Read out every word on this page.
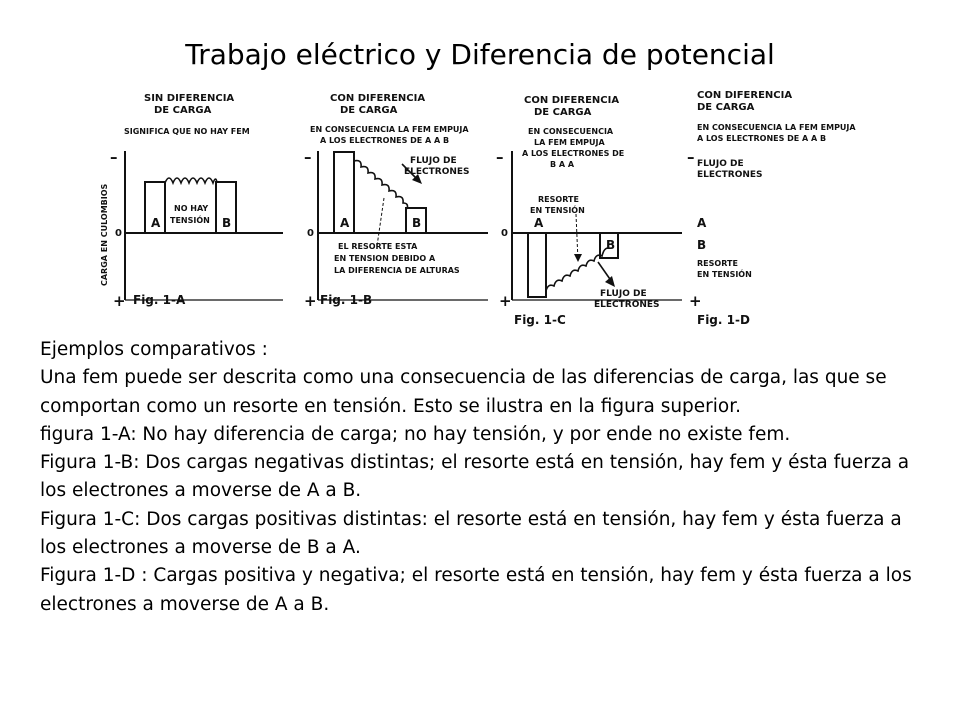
Trabajo eléctrico y Diferencia de potencial
SIN DIFERENCIA
DE CARGA
SIGNIFICA QUE NO HAY FEM
CARGA EN CULOMBIOS
–
0
+
A	B
NO HAY
TENSIÓN
Fig. 1-A
CON DIFERENCIA
DE CARGA
EN CONSECUENCIA LA FEM EMPUJA
A LOS ELECTRONES DE A A B
–
0
+
A	B
FLUJO DE
ELECTRONES
EL RESORTE ESTA
EN TENSION DEBIDO A
LA DIFERENCIA DE ALTURAS
Fig. 1-B
CON DIFERENCIA
DE CARGA
EN CONSECUENCIA
LA FEM EMPUJA
A LOS ELECTRONES DE
B A A
–
0
+
A
B
RESORTE
EN TENSIÓN
FLUJO DE
ELECTRONES
Fig. 1-C
CON DIFERENCIA
DE CARGA
EN CONSECUENCIA LA FEM EMPUJA
A LOS ELECTRONES DE A A B
–
+
A
B
FLUJO DE
ELECTRONES
RESORTE
EN TENSIÓN
Fig. 1-D

Ejemplos comparativos :

Una fem puede ser descrita como una consecuencia de las diferencias de carga, las que se comportan como un resorte en tensión. Esto se ilustra en la figura superior.

figura 1-A: No hay diferencia de carga; no hay tensión, y por ende no existe fem.

Figura 1-B: Dos cargas negativas distintas; el resorte está en tensión, hay fem y ésta fuerza a los electrones a moverse de A a B.

Figura 1-C: Dos cargas positivas distintas: el resorte está en tensión, hay fem y ésta fuerza a los electrones a moverse de B a A.

Figura 1-D : Cargas positiva y negativa; el resorte está en tensión, hay fem y ésta fuerza a los electrones a moverse de A a B.
